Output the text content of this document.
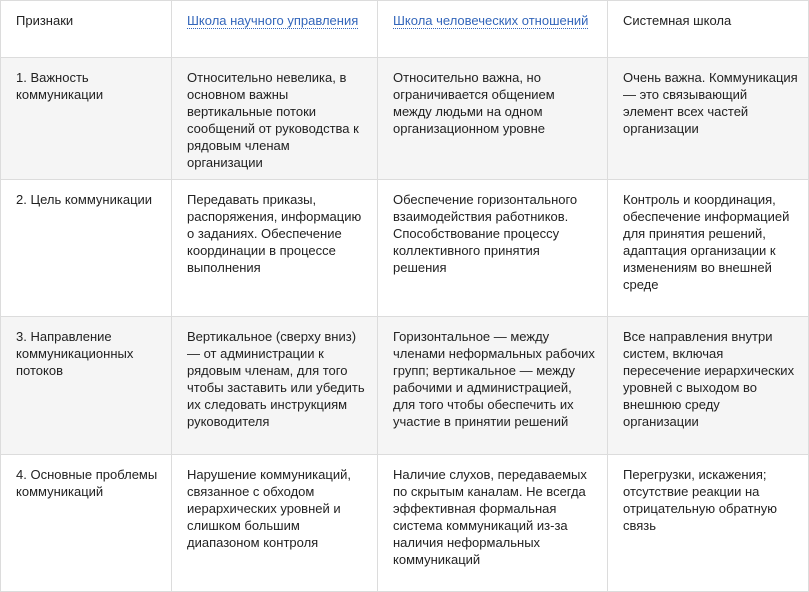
Признаки	Школа научного управления	Школа человеческих отношений	Системная школа
1. Важность коммуникации	Относительно невелика, в основном важны вертикальные потоки сообщений от руководства к рядовым членам организации	Относительно важна, но ограничивается общением между людьми на одном организационном уровне	Очень важна. Коммуникация — это связывающий элемент всех частей организации
2. Цель коммуникации	Передавать приказы, распоряжения, информацию о заданиях. Обеспечение координации в процессе выполнения	Обеспечение горизонтального взаимодействия работников. Способствование процессу коллективного принятия решения	Контроль и координация, обеспечение информацией для принятия решений, адаптация организации к изменениям во внешней среде
3. Направление коммуникационных потоков	Вертикальное (сверху вниз) — от администрации к рядовым членам, для того чтобы заставить или убедить их следовать инструкциям руководителя	Горизонтальное — между членами неформальных рабочих групп; вертикальное — между рабочими и администрацией, для того чтобы обеспечить их участие в принятии решений	Все направления внутри систем, включая пересечение иерархических уровней с выходом во внешнюю среду организации
4. Основные проблемы коммуникаций	Нарушение коммуникаций, связанное с обходом иерархических уровней и слишком большим диапазоном контроля	Наличие слухов, передаваемых по скрытым каналам. Не всегда эффективная формальная система коммуникаций из-за наличия неформальных коммуникаций	Перегрузки, искажения; отсутствие реакции на отрицательную обратную связь
